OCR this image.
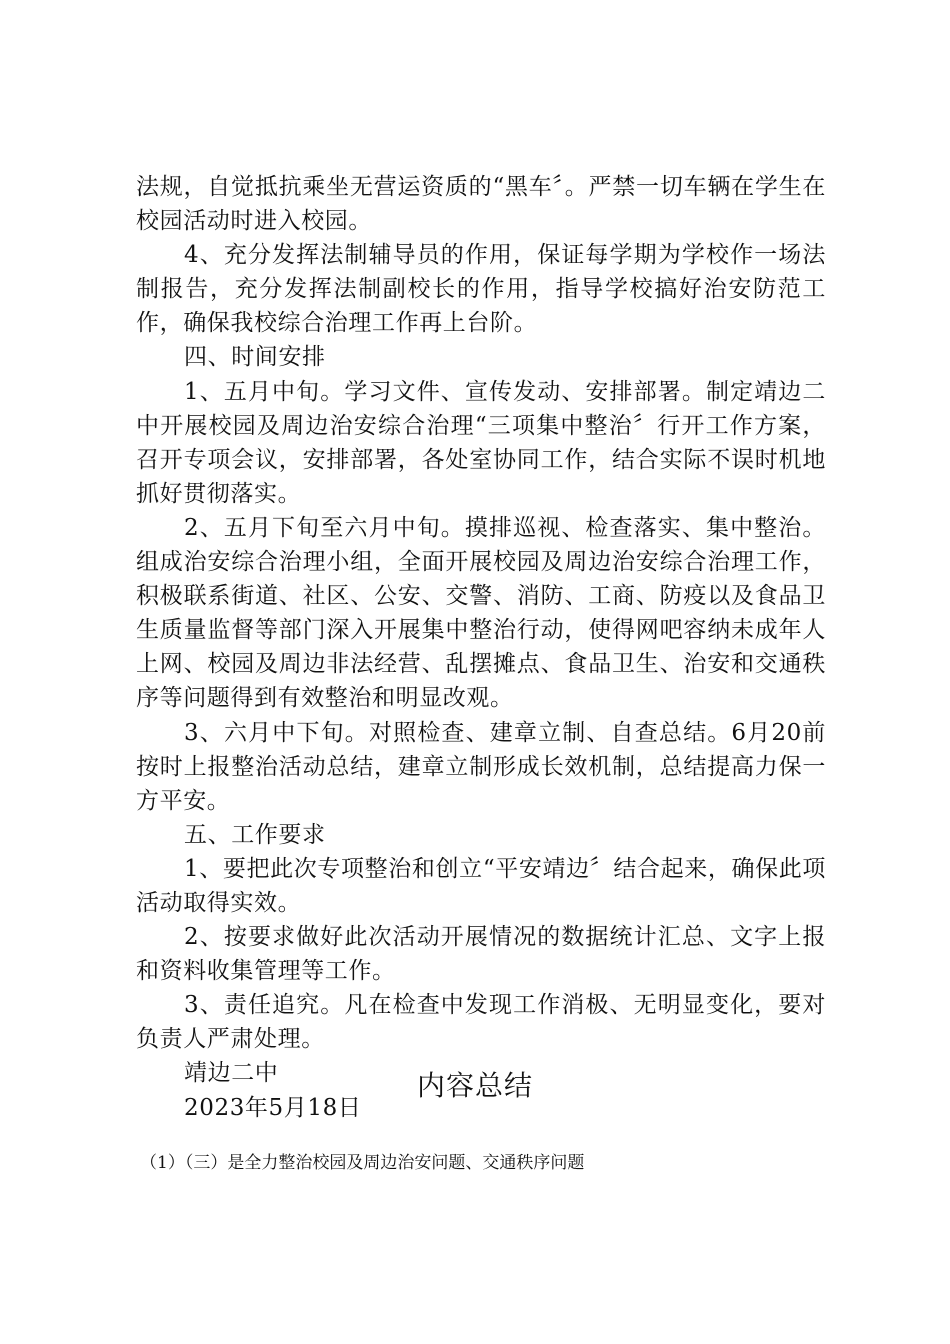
法规，自觉抵抗乘坐无营运资质的“黑车〞。严禁一切车辆在学生在校园活动时进入校园。

4、充分发挥法制辅导员的作用，保证每学期为学校作一场法制报告，充分发挥法制副校长的作用，指导学校搞好治安防范工作，确保我校综合治理工作再上台阶。

四、时间安排

1、五月中旬。学习文件、宣传发动、安排部署。制定靖边二中开展校园及周边治安综合治理“三项集中整治〞行开工作方案，召开专项会议，安排部署，各处室协同工作，结合实际不误时机地抓好贯彻落实。

2、五月下旬至六月中旬。摸排巡视、检查落实、集中整治。组成治安综合治理小组，全面开展校园及周边治安综合治理工作，积极联系街道、社区、公安、交警、消防、工商、防疫以及食品卫生质量监督等部门深入开展集中整治行动，使得网吧容纳未成年人上网、校园及周边非法经营、乱摆摊点、食品卫生、治安和交通秩序等问题得到有效整治和明显改观。

3、六月中下旬。对照检查、建章立制、自查总结。6月20前按时上报整治活动总结，建章立制形成长效机制，总结提高力保一方平安。

五、工作要求

1、要把此次专项整治和创立“平安靖边〞结合起来，确保此项活动取得实效。

2、按要求做好此次活动开展情况的数据统计汇总、文字上报和资料收集管理等工作。

3、责任追究。凡在检查中发现工作消极、无明显变化，要对负责人严肃处理。

靖边二中

2023年5月18日

内容总结
（1）（三）是全力整治校园及周边治安问题、交通秩序问题
